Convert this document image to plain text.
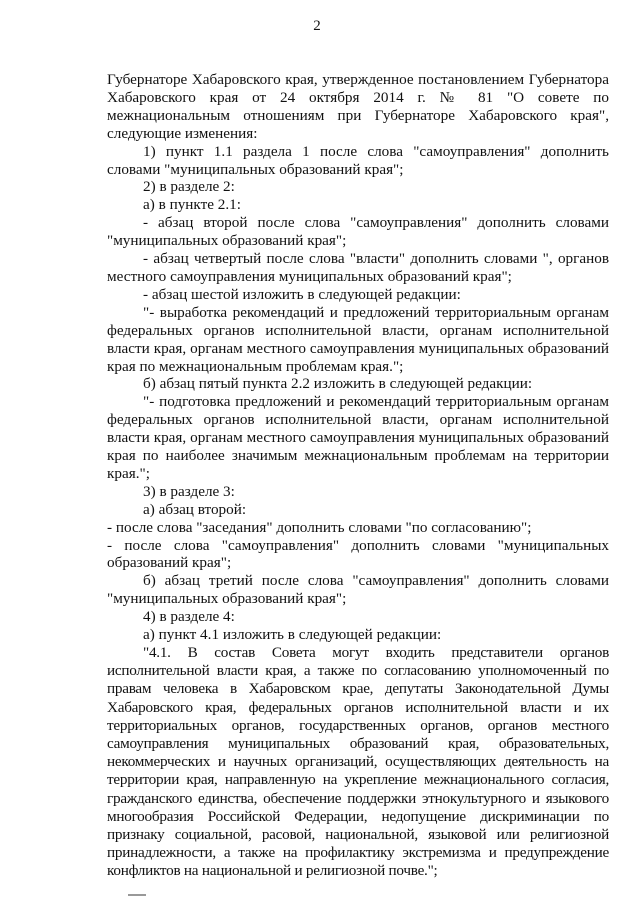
2

Губернаторе Хабаровского края, утвержденное постановлением Губернатора Хабаровского края от 24 октября 2014 г. № 81 "О совете по межнациональным отношениям при Губернаторе Хабаровского края", следующие изменения:

1) пункт 1.1 раздела 1 после слова "самоуправления" дополнить словами "муниципальных образований края";

2) в разделе 2:

а) в пункте 2.1:

- абзац второй после слова "самоуправления" дополнить словами "муниципальных образований края";

- абзац четвертый после слова "власти" дополнить словами ", органов местного самоуправления муниципальных образований края";

- абзац шестой изложить в следующей редакции:

"- выработка рекомендаций и предложений территориальным органам федеральных органов исполнительной власти, органам исполнительной власти края, органам местного самоуправления муниципальных образований края по межнациональным проблемам края.";

б) абзац пятый пункта 2.2 изложить в следующей редакции:

"- подготовка предложений и рекомендаций территориальным органам федеральных органов исполнительной власти, органам исполнительной власти края, органам местного самоуправления муниципальных образований края по наиболее значимым межнациональным проблемам на территории края.";

3) в разделе 3:

а) абзац второй:

- после слова "заседания" дополнить словами "по согласованию";

- после слова "самоуправления" дополнить словами "муниципальных образований края";

б) абзац третий после слова "самоуправления" дополнить словами "муниципальных образований края";

4) в разделе 4:

а) пункт 4.1 изложить в следующей редакции:

"4.1. В состав Совета могут входить представители органов исполнительной власти края, а также по согласованию уполномоченный по правам человека в Хабаровском крае, депутаты Законодательной Думы Хабаровского края, федеральных органов исполнительной власти и их территориальных органов, государственных органов, органов местного самоуправления муниципальных образований края, образовательных, некоммерческих и научных организаций, осуществляющих деятельность на территории края, направленную на укрепление межнационального согласия, гражданского единства, обеспечение поддержки этнокультурного и языкового многообразия Российской Федерации, недопущение дискриминации по признаку социальной, расовой, национальной, языковой или религиозной принадлежности, а также на профилактику экстремизма и предупреждение конфликтов на национальной и религиозной почве.";
